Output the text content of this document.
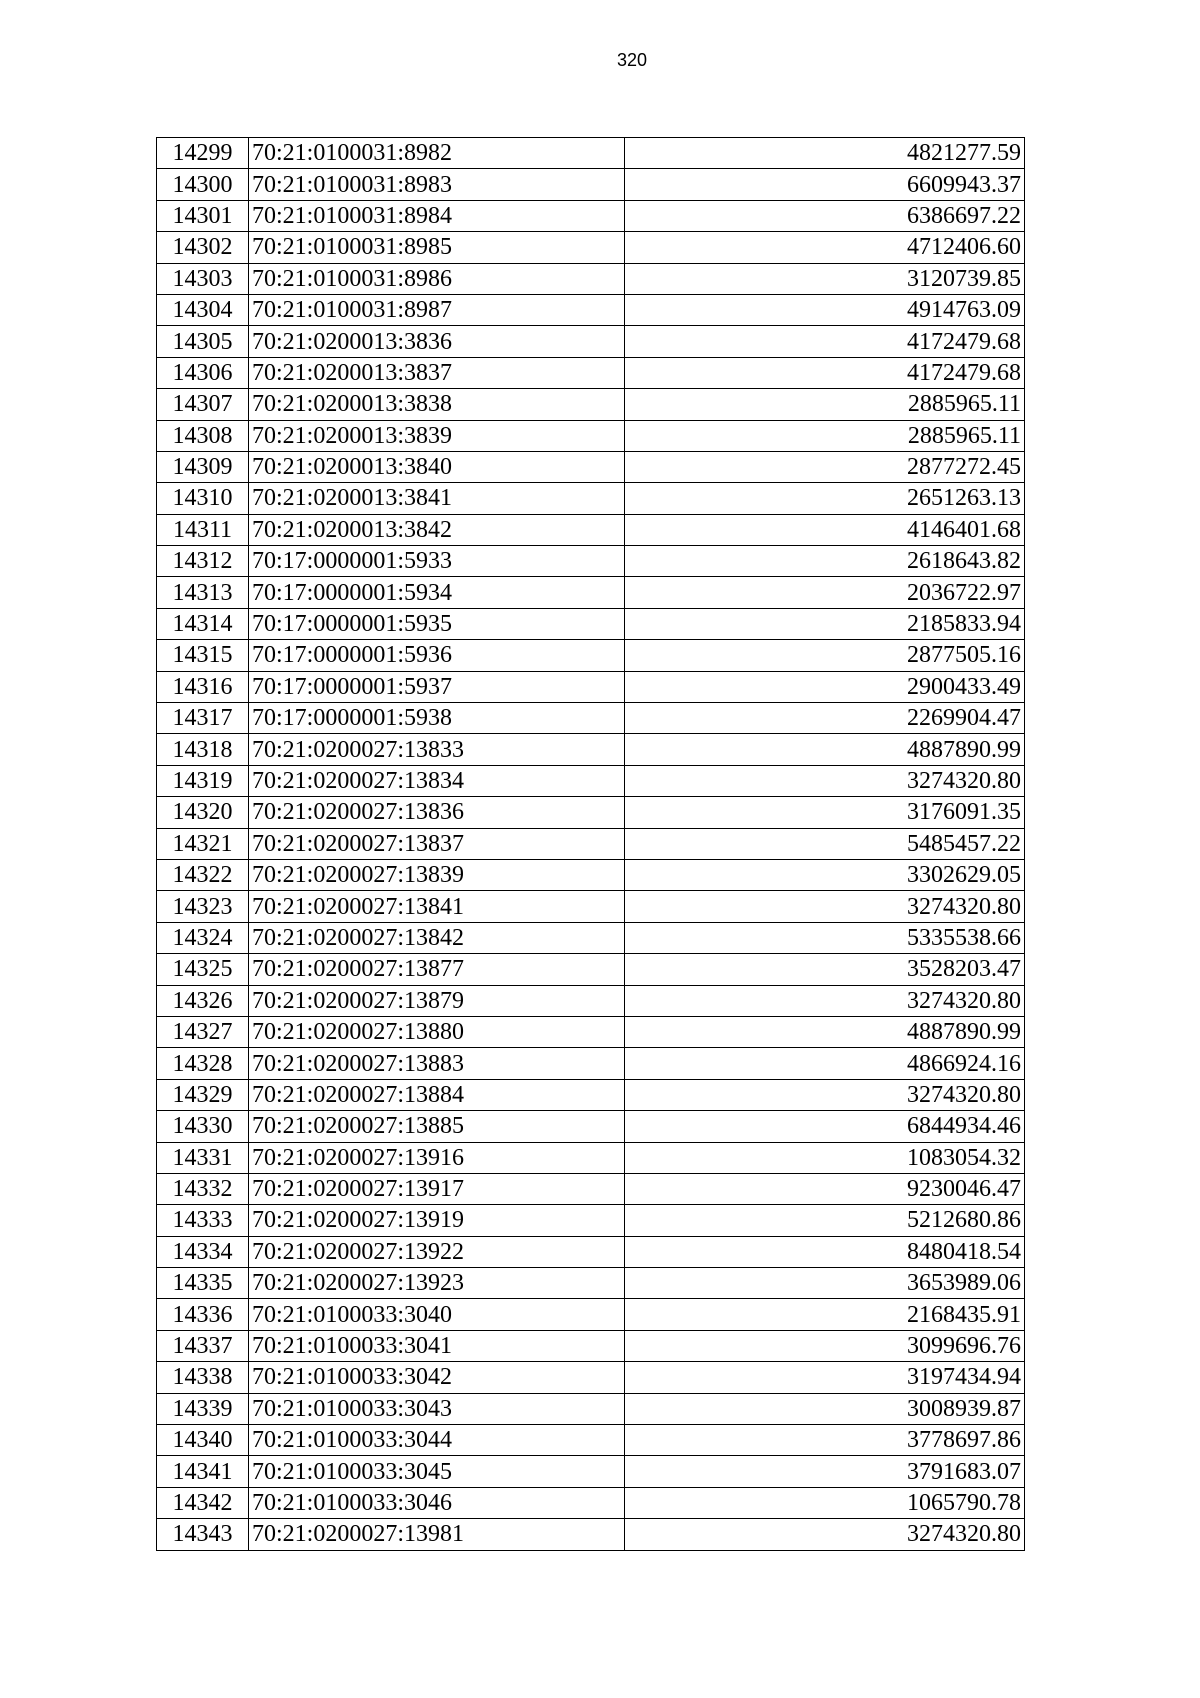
320
14299	70:21:0100031:8982	4821277.59
14300	70:21:0100031:8983	6609943.37
14301	70:21:0100031:8984	6386697.22
14302	70:21:0100031:8985	4712406.60
14303	70:21:0100031:8986	3120739.85
14304	70:21:0100031:8987	4914763.09
14305	70:21:0200013:3836	4172479.68
14306	70:21:0200013:3837	4172479.68
14307	70:21:0200013:3838	2885965.11
14308	70:21:0200013:3839	2885965.11
14309	70:21:0200013:3840	2877272.45
14310	70:21:0200013:3841	2651263.13
14311	70:21:0200013:3842	4146401.68
14312	70:17:0000001:5933	2618643.82
14313	70:17:0000001:5934	2036722.97
14314	70:17:0000001:5935	2185833.94
14315	70:17:0000001:5936	2877505.16
14316	70:17:0000001:5937	2900433.49
14317	70:17:0000001:5938	2269904.47
14318	70:21:0200027:13833	4887890.99
14319	70:21:0200027:13834	3274320.80
14320	70:21:0200027:13836	3176091.35
14321	70:21:0200027:13837	5485457.22
14322	70:21:0200027:13839	3302629.05
14323	70:21:0200027:13841	3274320.80
14324	70:21:0200027:13842	5335538.66
14325	70:21:0200027:13877	3528203.47
14326	70:21:0200027:13879	3274320.80
14327	70:21:0200027:13880	4887890.99
14328	70:21:0200027:13883	4866924.16
14329	70:21:0200027:13884	3274320.80
14330	70:21:0200027:13885	6844934.46
14331	70:21:0200027:13916	1083054.32
14332	70:21:0200027:13917	9230046.47
14333	70:21:0200027:13919	5212680.86
14334	70:21:0200027:13922	8480418.54
14335	70:21:0200027:13923	3653989.06
14336	70:21:0100033:3040	2168435.91
14337	70:21:0100033:3041	3099696.76
14338	70:21:0100033:3042	3197434.94
14339	70:21:0100033:3043	3008939.87
14340	70:21:0100033:3044	3778697.86
14341	70:21:0100033:3045	3791683.07
14342	70:21:0100033:3046	1065790.78
14343	70:21:0200027:13981	3274320.80
